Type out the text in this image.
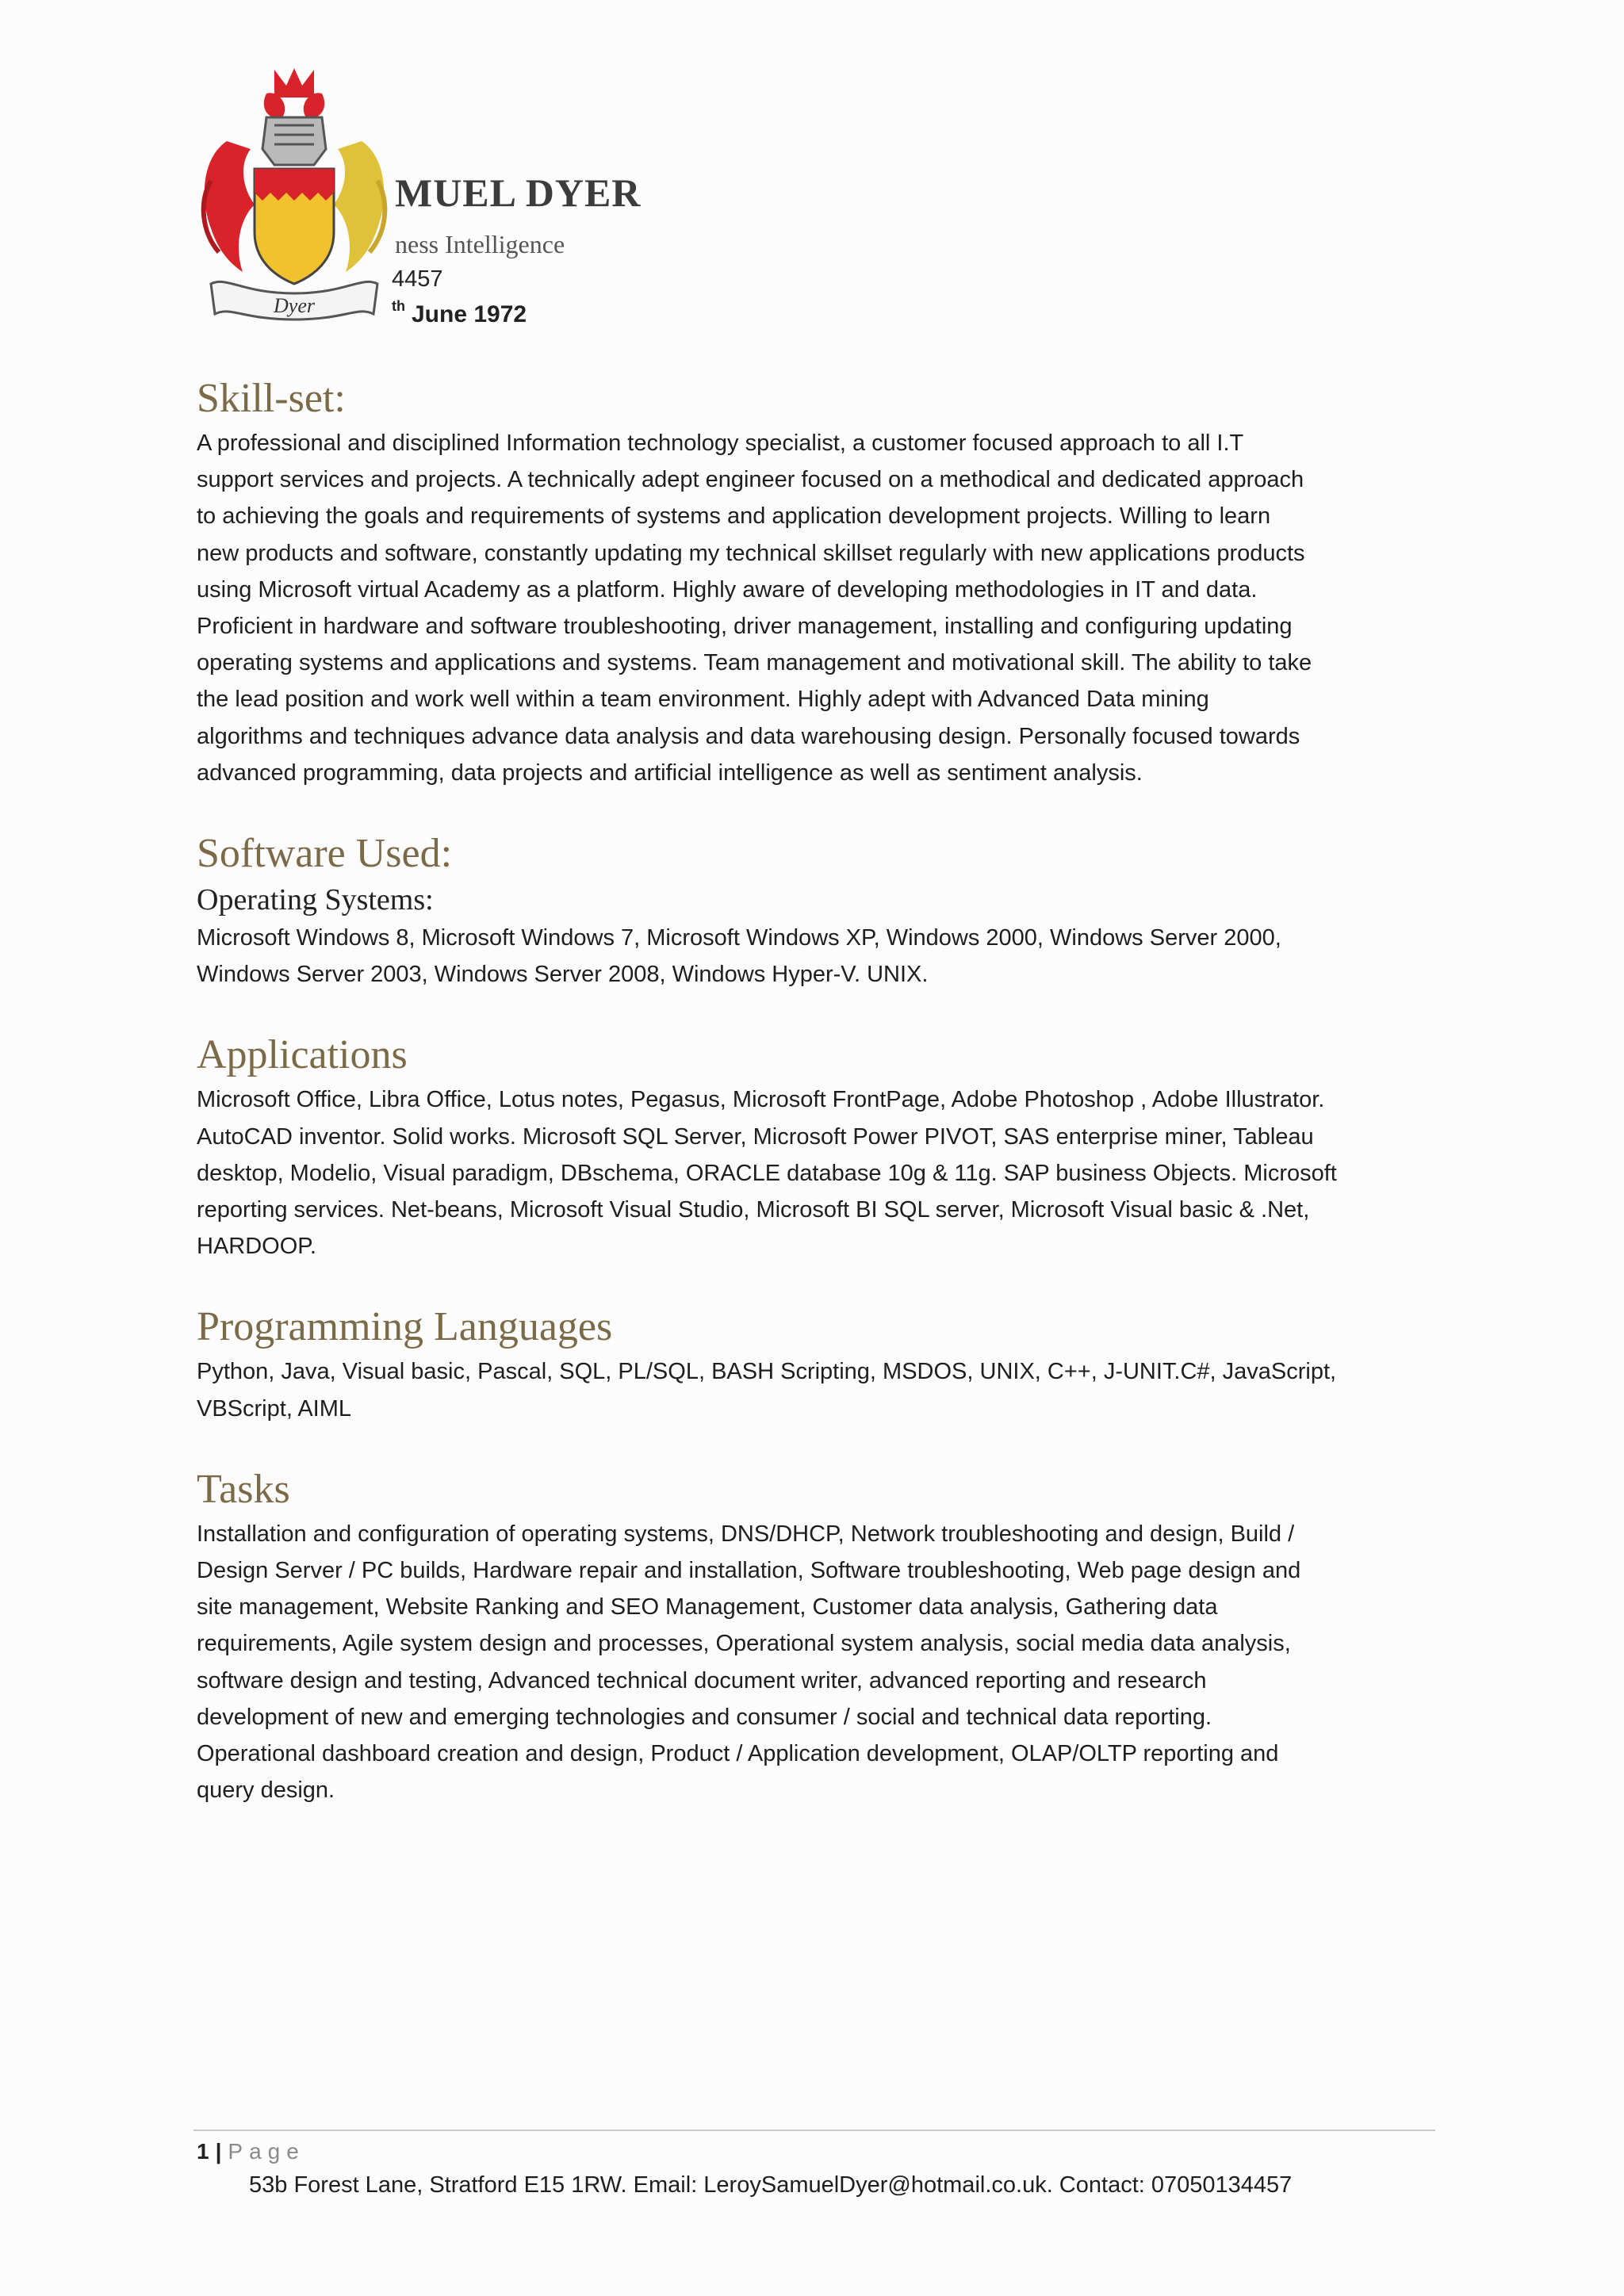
Dyer
MUEL DYER
ness Intelligence
4457
$^{th}$ June 1972
Skill-set:
A professional and disciplined Information technology specialist, a customer focused approach to all I.T
support services and projects. A technically adept engineer focused on a methodical and dedicated approach
to achieving the goals and requirements of systems and application development projects. Willing to learn
new products and software, constantly updating my technical skillset regularly with new applications products
using Microsoft virtual Academy as a platform. Highly aware of developing methodologies in IT and data.
Proficient in hardware and software troubleshooting, driver management, installing and configuring updating
operating systems and applications and systems. Team management and motivational skill. The ability to take
the lead position and work well within a team environment. Highly adept with Advanced Data mining
algorithms and techniques advance data analysis and data warehousing design. Personally focused towards
advanced programming, data projects and artificial intelligence as well as sentiment analysis.
Software Used:
Operating Systems:
Microsoft Windows 8, Microsoft Windows 7, Microsoft Windows XP, Windows 2000, Windows Server 2000,
Windows Server 2003, Windows Server 2008, Windows Hyper-V. UNIX.
Applications
Microsoft Office, Libra Office, Lotus notes, Pegasus, Microsoft FrontPage, Adobe Photoshop , Adobe Illustrator.
AutoCAD inventor. Solid works. Microsoft SQL Server, Microsoft Power PIVOT, SAS enterprise miner, Tableau
desktop, Modelio, Visual paradigm, DBschema, ORACLE database 10g & 11g. SAP business Objects. Microsoft
reporting services. Net-beans, Microsoft Visual Studio, Microsoft BI SQL server, Microsoft Visual basic & .Net,
HARDOOP.
Programming Languages
Python, Java, Visual basic, Pascal, SQL, PL/SQL, BASH Scripting, MSDOS, UNIX, C++, J-UNIT.C#, JavaScript,
VBScript, AIML
Tasks
Installation and configuration of operating systems, DNS/DHCP, Network troubleshooting and design, Build /
Design Server / PC builds, Hardware repair and installation, Software troubleshooting, Web page design and
site management, Website Ranking and SEO Management, Customer data analysis, Gathering data
requirements, Agile system design and processes, Operational system analysis, social media data analysis,
software design and testing, Advanced technical document writer, advanced reporting and research
development of new and emerging technologies and consumer / social and technical data reporting.
Operational dashboard creation and design, Product / Application development, OLAP/OLTP reporting and
query design.
1 | Page
53b Forest Lane, Stratford E15 1RW. Email: LeroySamuelDyer@hotmail.co.uk. Contact: 07050134457
